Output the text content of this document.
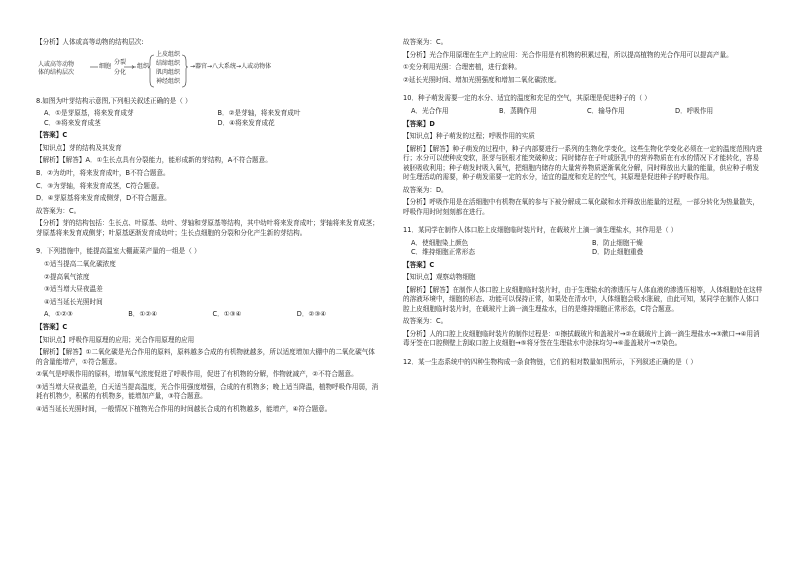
【分析】人体或高等动物的结构层次:

人或高等动物
体的结构层次
细胞
分裂
分化
组织
上皮组织
结缔组织
肌肉组织
神经组织
→器官→八大系统→人或动物体

8.如图为叶芽结构示意图,下列相关叙述正确的是（ ）

A．①是芽原基，将来发育成芽	B．②是芽轴，将来发育成叶
C．③将来发育成茎	D．④将来发育成花

【答案】C

【知识点】芽的结构及其发育

【解析】【解答】A．①生长点具有分裂能力，能形成新的芽结构，A不符合题意。

B．②为幼叶，将来发育成叶，B不符合题意。

C．③为芽轴，将来发育成茎，C符合题意。

D．④芽原基将来发育成侧芽，D不符合题意。

故答案为：C。

【分析】芽的结构包括：生长点、叶原基、幼叶、芽轴和芽原基等结构，其中幼叶将来发育成叶；芽轴将来发育成茎；芽原基将来发育成侧芽；叶原基逐渐发育成幼叶；生长点细胞的分裂和分化产生新的芽结构。

9．下列措施中，能提高温室大棚蔬菜产量的一组是（ ）

①适当提高二氧化碳浓度

②提高氧气浓度

③适当增大昼夜温差

④适当延长光照时间

A．①②③	B．①②④	C．①③④	D．②③④

【答案】C

【知识点】呼吸作用原理的应用；光合作用原理的应用

【解析】【解答】①二氧化碳是光合作用的原料，原料越多合成的有机物就越多，所以适度增加大棚中的二氧化碳气体的含量能增产，①符合题意。

②氧气是呼吸作用的原料，增加氧气浓度促进了呼吸作用，促进了有机物的分解，作物就减产，②不符合题意。

③适当增大昼夜温差，白天适当提高温度，光合作用强度增强，合成的有机物多；晚上适当降温，植物呼吸作用弱，消耗有机物少，积累的有机物多，能增加产量，③符合题意。

④适当延长光照时间，一般情况下植物光合作用的时间越长合成的有机物越多，能增产，④符合题意。

故答案为：C。

【分析】光合作用原理在生产上的应用：光合作用是有机物的积累过程，所以提高植物的光合作用可以提高产量。

①充分利用光照：合理密植，进行套种。

②延长光照时间、增加光照强度和增加二氧化碳浓度。

10．种子萌发需要一定的水分、适宜的温度和充足的空气，其原理是促进种子的（ ）

A．光合作用	B．蒸腾作用	C．输导作用	D．呼吸作用

【答案】D

【知识点】种子萌发的过程；呼吸作用的实质

【解析】【解答】种子萌发的过程中，种子内部要进行一系列的生物化学变化，这些生物化学变化必须在一定的温度范围内进行；水分可以使种皮变软，胚芽与胚根才能突破种皮；同时储存在子叶或胚乳中的营养物质在有水的情况下才能转化，容易被胚吸收利用；种子萌发时吸入氧气，把细胞内储存的大量营养物质逐渐氧化分解，同时释放出大量的能量，供应种子萌发时生理活动的需要，种子萌发需要一定的水分，适宜的温度和充足的空气，其原理是促进种子的呼吸作用。

故答案为：D。

【分析】呼吸作用是在活细胞中有机物在氧的参与下被分解成二氧化碳和水并释放出能量的过程，一部分转化为热量散失，呼吸作用时时刻刻都在进行。

11．某同学在制作人体口腔上皮细胞临时装片时，在载玻片上滴一滴生理盐水，其作用是（ ）

A．使细胞染上颜色	B．防止细胞干燥
C．维持细胞正常形态	D．防止细胞重叠

【答案】C

【知识点】观察动物细胞

【解析】【解答】在制作人体口腔上皮细胞临时装片时，由于生理盐水的渗透压与人体血液的渗透压相等，人体细胞处在这样的溶液环境中，细胞的形态、功能可以保持正常，如果处在清水中，人体细胞会吸水胀破，由此可知，某同学在制作人体口腔上皮细胞临时装片时，在载玻片上滴一滴生理盐水，目的是维持细胞正常形态，C符合题意。

故答案为：C。

【分析】人的口腔上皮细胞临时装片的制作过程是：①擦拭载玻片和盖玻片→②在载玻片上滴一滴生理盐水→③漱口→④用消毒牙签在口腔侧壁上刮取口腔上皮细胞→⑤将牙签在生理盐水中涂抹均匀→⑥盖盖玻片→⑦染色。

12．某一生态系统中的四种生物构成一条食物链，它们的相对数量如图所示，下列叙述正确的是（ ）
